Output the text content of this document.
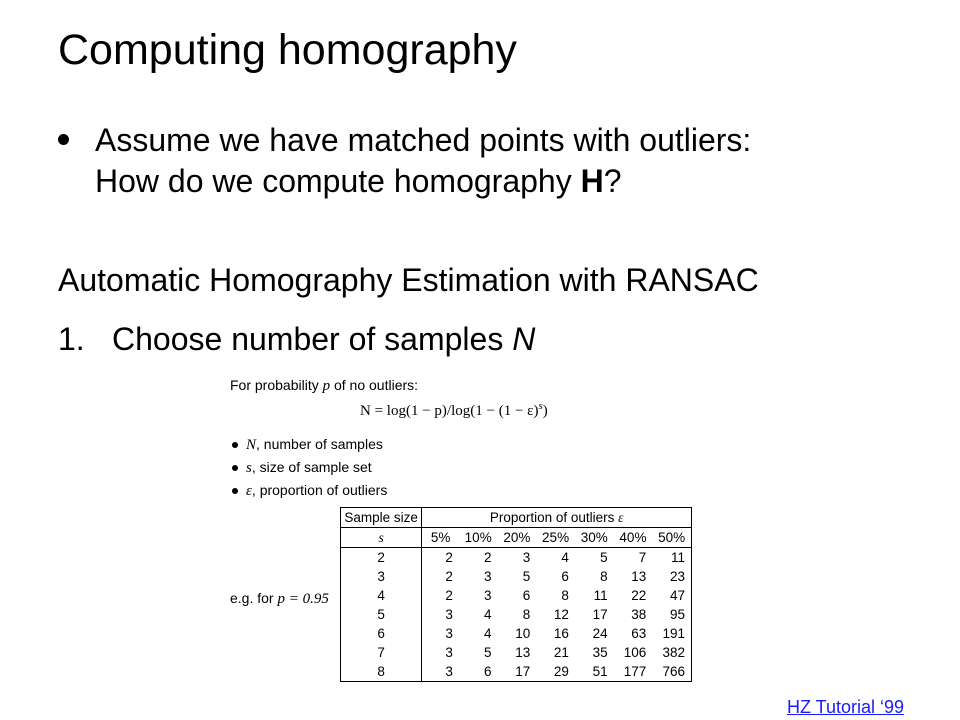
Computing homography
Assume we have matched points with outliers:
How do we compute homography H?
Automatic Homography Estimation with RANSAC
1. Choose number of samples N
For probability p of no outliers:
$N = \log(1 - p)/\log(1 - (1 - \varepsilon)^s)$
N, number of samples
s, size of sample set
ε, proportion of outliers
e.g. for p = 0.95
Sample size	Proportion of outliers ε						
s	5%	10%	20%	25%	30%	40%	50%
2	2	2	3	4	5	7	11
3	2	3	5	6	8	13	23
4	2	3	6	8	11	22	47
5	3	4	8	12	17	38	95
6	3	4	10	16	24	63	191
7	3	5	13	21	35	106	382
8	3	6	17	29	51	177	766
HZ Tutorial ‘99
